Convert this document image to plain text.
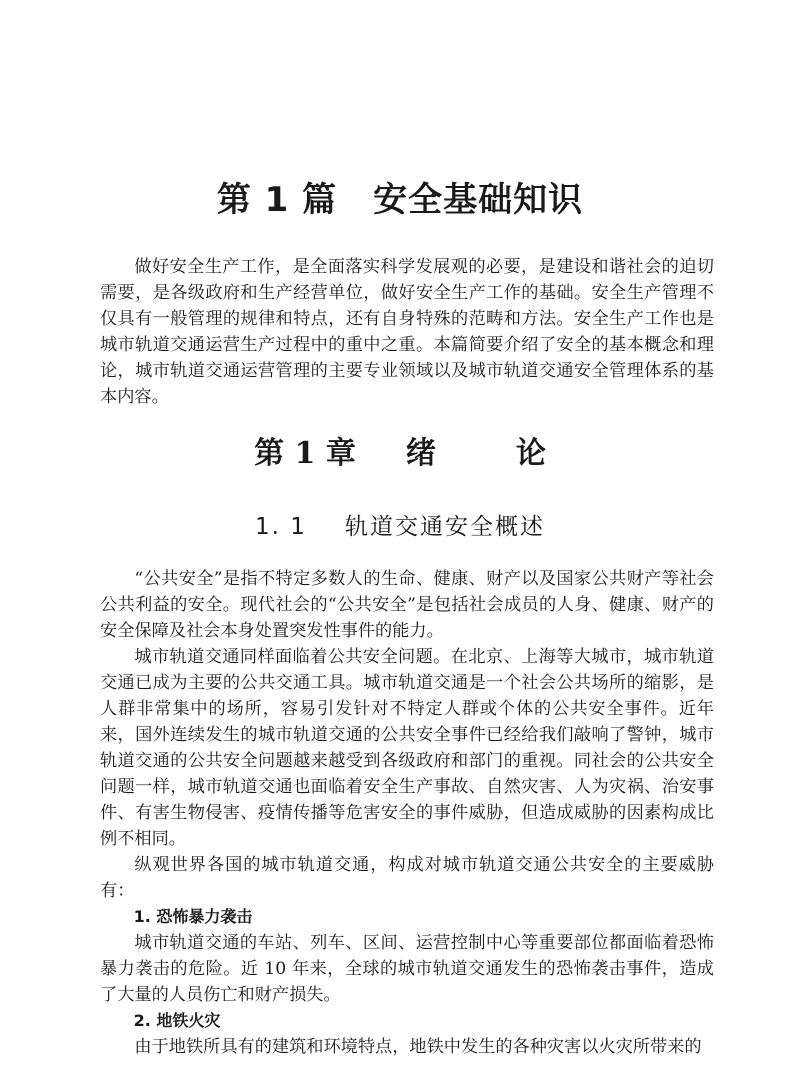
第 1 篇 安全基础知识

做好安全生产工作，是全面落实科学发展观的必要，是建设和谐社会的迫切需要，是各级政府和生产经营单位，做好安全生产工作的基础。安全生产管理不仅具有一般管理的规律和特点，还有自身特殊的范畴和方法。安全生产工作也是城市轨道交通运营生产过程中的重中之重。本篇简要介绍了安全的基本概念和理论，城市轨道交通运营管理的主要专业领域以及城市轨道交通安全管理体系的基本内容。

第 1 章 绪	论
1. 1 轨道交通安全概述

“公共安全”是指不特定多数人的生命、健康、财产以及国家公共财产等社会公共利益的安全。现代社会的“公共安全”是包括社会成员的人身、健康、财产的安全保障及社会本身处置突发性事件的能力。

城市轨道交通同样面临着公共安全问题。在北京、上海等大城市，城市轨道交通已成为主要的公共交通工具。城市轨道交通是一个社会公共场所的缩影，是人群非常集中的场所，容易引发针对不特定人群或个体的公共安全事件。近年来，国外连续发生的城市轨道交通的公共安全事件已经给我们敲响了警钟，城市轨道交通的公共安全问题越来越受到各级政府和部门的重视。同社会的公共安全问题一样，城市轨道交通也面临着安全生产事故、自然灾害、人为灾祸、治安事件、有害生物侵害、疫情传播等危害安全的事件威胁，但造成威胁的因素构成比例不相同。

纵观世界各国的城市轨道交通，构成对城市轨道交通公共安全的主要威胁有：

1. 恐怖暴力袭击

城市轨道交通的车站、列车、区间、运营控制中心等重要部位都面临着恐怖暴力袭击的危险。近 10 年来，全球的城市轨道交通发生的恐怖袭击事件，造成了大量的人员伤亡和财产损失。

2. 地铁火灾

由于地铁所具有的建筑和环境特点，地铁中发生的各种灾害以火灾所带来的
